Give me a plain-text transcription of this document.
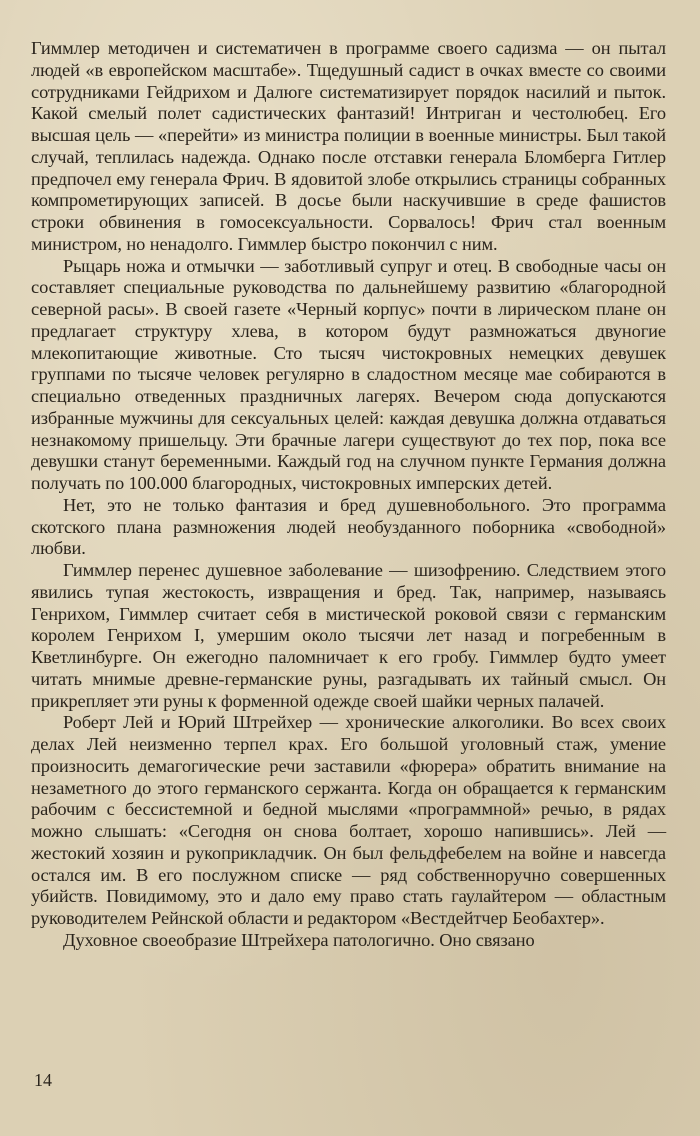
Гиммлер методичен и систематичен в программе своего садизма — он пытал людей «в европейском масштабе». Тщедушный садист в очках вместе со своими сотрудниками Гейдрихом и Далюге систематизирует порядок насилий и пыток. Какой смелый полет садистических фантазий! Интриган и честолюбец. Его высшая цель — «перейти» из министра полиции в военные министры. Был такой случай, теплилась надежда. Однако после отставки генерала Бломберга Гитлер предпочел ему генерала Фрич. В ядовитой злобе открылись страницы собранных компрометирующих записей. В досье были наскучившие в среде фашистов строки обвинения в гомосексуальности. Сорвалось! Фрич стал военным министром, но ненадолго. Гиммлер быстро покончил с ним.

Рыцарь ножа и отмычки — заботливый супруг и отец. В свободные часы он составляет специальные руководства по дальнейшему развитию «благородной северной расы». В своей газете «Черный корпус» почти в лирическом плане он предлагает структуру хлева, в котором будут размножаться двуногие млекопитающие животные. Сто тысяч чистокровных немецких девушек группами по тысяче человек регулярно в сладостном месяце мае собираются в специально отведенных праздничных лагерях. Вечером сюда допускаются избранные мужчины для сексуальных целей: каждая девушка должна отдаваться незнакомому пришельцу. Эти брачные лагери существуют до тех пор, пока все девушки станут беременными. Каждый год на случном пункте Германия должна получать по 100.000 благородных, чистокровных имперских детей.

Нет, это не только фантазия и бред душевнобольного. Это программа скотского плана размножения людей необузданного поборника «свободной» любви.

Гиммлер перенес душевное заболевание — шизофрению. Следствием этого явились тупая жестокость, извращения и бред. Так, например, называясь Генрихом, Гиммлер считает себя в мистической роковой связи с германским королем Генрихом I, умершим около тысячи лет назад и погребенным в Кветлинбурге. Он ежегодно паломничает к его гробу. Гиммлер будто умеет читать мнимые древне-германские руны, разгадывать их тайный смысл. Он прикрепляет эти руны к форменной одежде своей шайки черных палачей.

Роберт Лей и Юрий Штрейхер — хронические алкоголики. Во всех своих делах Лей неизменно терпел крах. Его большой уголовный стаж, умение произносить демагогические речи заставили «фюрера» обратить внимание на незаметного до этого германского сержанта. Когда он обращается к германским рабочим с бессистемной и бедной мыслями «программной» речью, в рядах можно слышать: «Сегодня он снова болтает, хорошо напившись». Лей — жестокий хозяин и рукоприкладчик. Он был фельдфебелем на войне и навсегда остался им. В его послужном списке — ряд собственноручно совершенных убийств. Повидимому, это и дало ему право стать гаулайтером — областным руководителем Рейнской области и редактором «Вестдейтчер Беобахтер».

Духовное своеобразие Штрейхера патологично. Оно связано

14
